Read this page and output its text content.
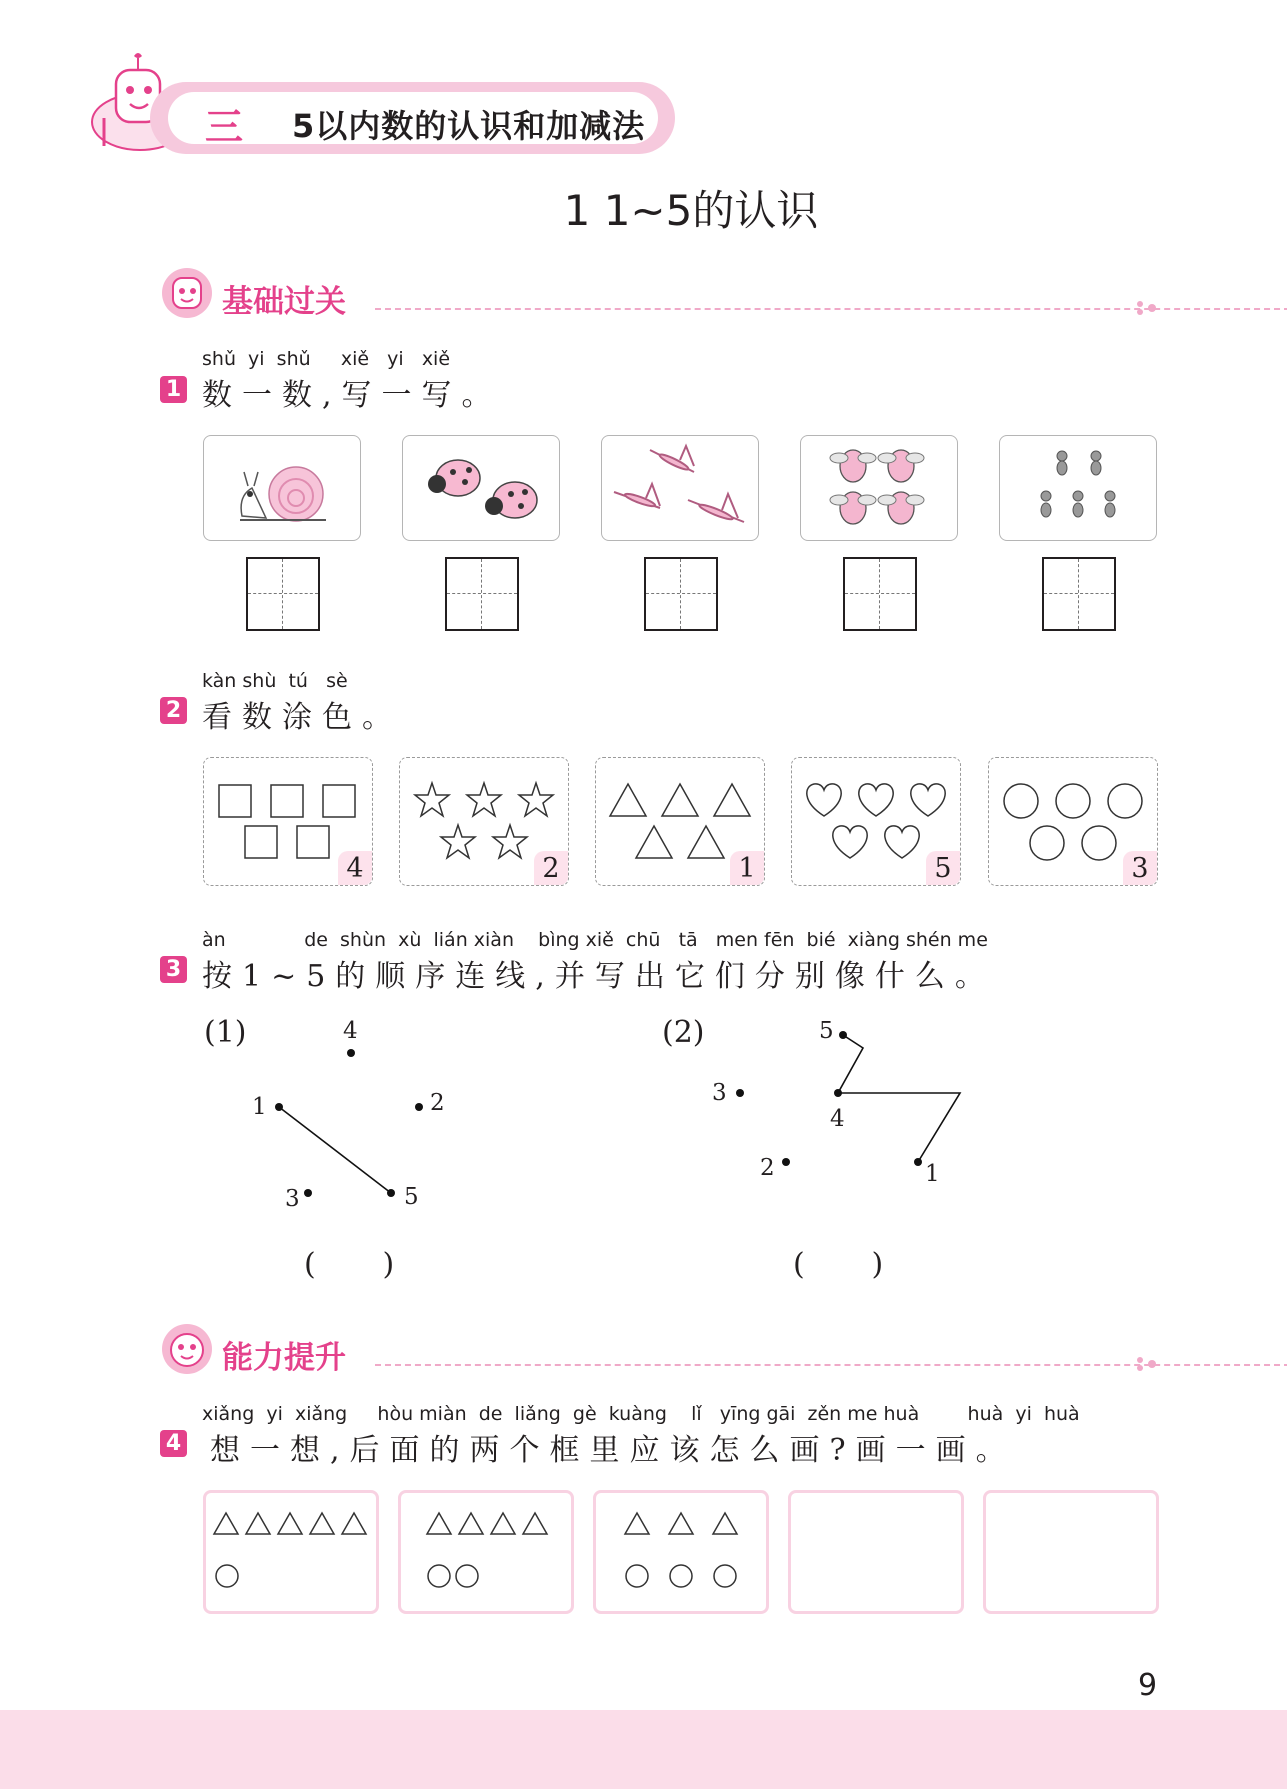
三 5以内数的认识和加减法
1 1~5的认识
基础过关
shǔ  yi  shǔ     xiě   yi   xiě
1 数一数,写一写。
kàn shù  tú   sè
2 看数涂色。
4	2	1	5	3
àn             de  shùn  xù  lián xiàn    bìng xiě  chū   tā   men fēn  bié  xiàng shén me
3 按1~5的顺序连线,并写出它们分别像什么。
(1)	4
1	2
3	5
(       )
(2)	5
3
4
2	1
(       )
能力提升
xiǎng  yi  xiǎng     hòu miàn  de  liǎng  gè  kuàng    lǐ   yīng gāi  zěn me huà        huà  yi  huà
4 想一想,后面的两个框里应该怎么画?画一画。
9
